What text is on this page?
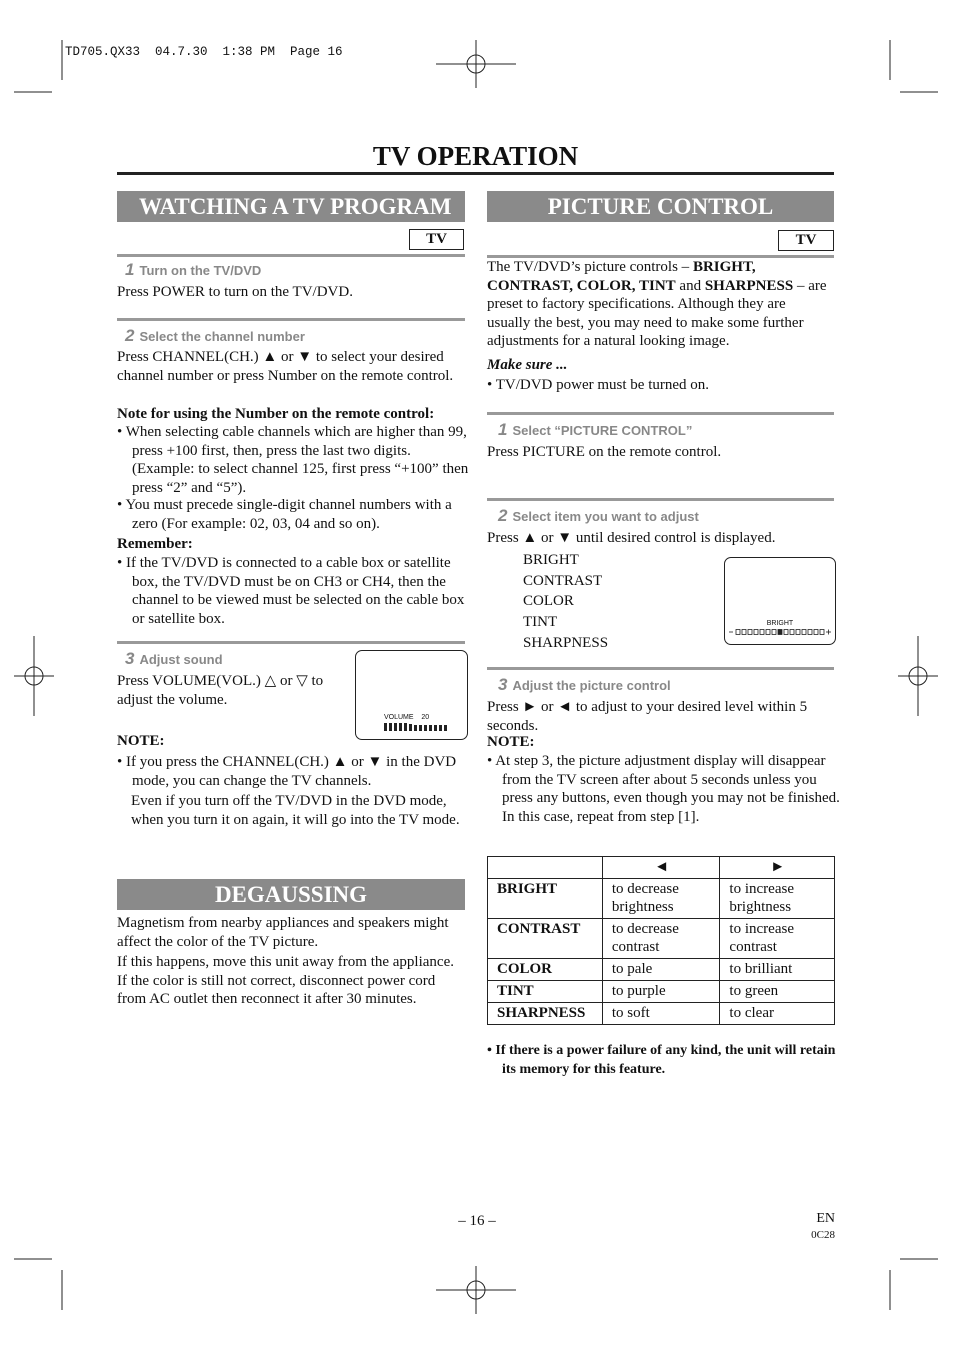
TD705.QX33  04.7.30  1:38 PM  Page 16
TV OPERATION
WATCHING A TV PROGRAM
TV
1 Turn on the TV/DVD
Press POWER to turn on the TV/DVD.
2 Select the channel number
Press CHANNEL(CH.) ▲ or ▼ to select your desired channel number or press Number on the remote control.
Note for using the Number on the remote control:
• When selecting cable channels which are higher than 99, press +100 first, then, press the last two digits. (Example: to select channel 125, first press “+100” then press “2” and “5”).
• You must precede single-digit channel numbers with a zero (For example: 02, 03, 04 and so on).
Remember:
• If the TV/DVD is connected to a cable box or satellite box, the TV/DVD must be on CH3 or CH4, then the channel to be viewed must be selected on the cable box or satellite box.
3 Adjust sound
Press VOLUME(VOL.) △ or ▽ to adjust the volume.
VOLUME 20
NOTE:
• If you press the CHANNEL(CH.) ▲ or ▼ in the DVD mode, you can change the TV channels.
Even if you turn off the TV/DVD in the DVD mode, when you turn it on again, it will go into the TV mode.
DEGAUSSING
Magnetism from nearby appliances and speakers might affect the color of the TV picture.
If this happens, move this unit away from the appliance. If the color is still not correct, disconnect power cord from AC outlet then reconnect it after 30 minutes.
PICTURE CONTROL
TV
The TV/DVD’s picture controls – BRIGHT, CONTRAST, COLOR, TINT and SHARPNESS – are preset to factory specifications. Although they are usually the best, you may need to make some further adjustments for a natural looking image.
Make sure ...
• TV/DVD power must be turned on.
1 Select “PICTURE CONTROL”
Press PICTURE on the remote control.
2 Select item you want to adjust
Press ▲ or ▼ until desired control is displayed.
BRIGHT
CONTRAST
COLOR
TINT
SHARPNESS
BRIGHT
3 Adjust the picture control
Press ► or ◄ to adjust to your desired level within 5 seconds.
NOTE:
• At step 3, the picture adjustment display will disappear from the TV screen after about 5 seconds unless you press any buttons, even though you may not be finished. In this case, repeat from step [1].
	◄	►
BRIGHT	to decrease brightness	to increase brightness
CONTRAST	to decrease contrast	to increase contrast
COLOR	to pale	to brilliant
TINT	to purple	to green
SHARPNESS	to soft	to clear
• If there is a power failure of any kind, the unit will retain its memory for this feature.
– 16 –	EN
0C28
